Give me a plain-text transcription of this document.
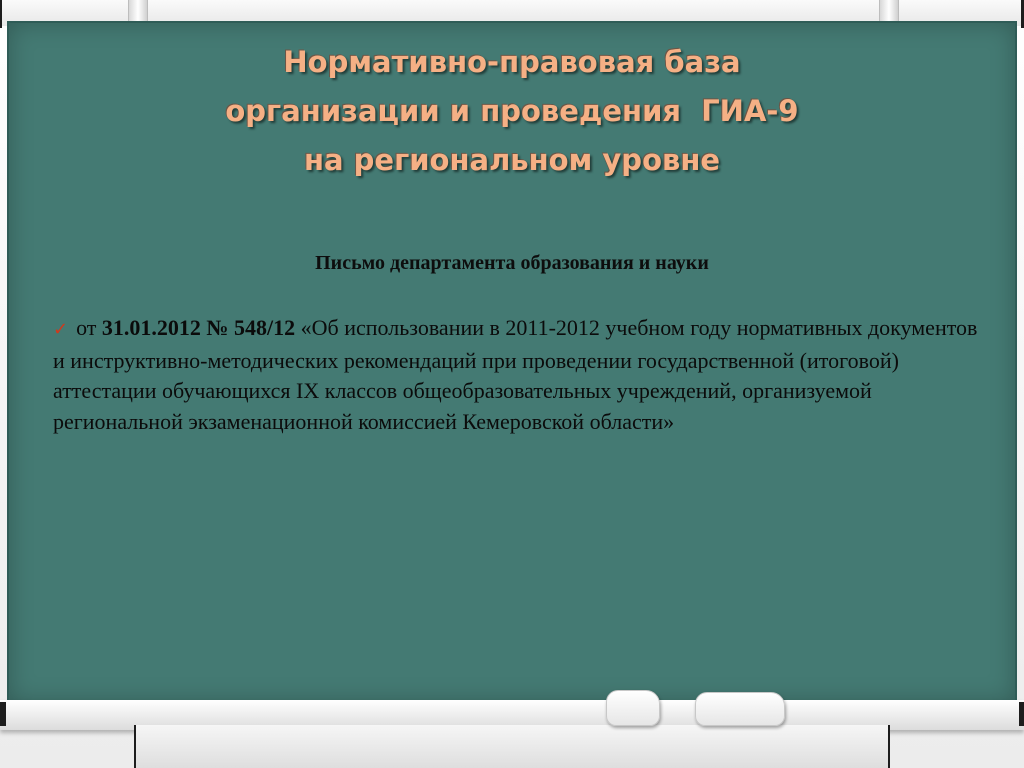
Нормативно-правовая база
организации и проведения  ГИА-9
на региональном уровне
Письмо департамента образования и науки
✓ от 31.01.2012 № 548/12 «Об использовании в 2011-2012 учебном году нормативных документов и инструктивно-методических рекомендаций при проведении государственной (итоговой) аттестации обучающихся IX классов общеобразовательных учреждений, организуемой региональной экзаменационной комиссией Кемеровской области»
